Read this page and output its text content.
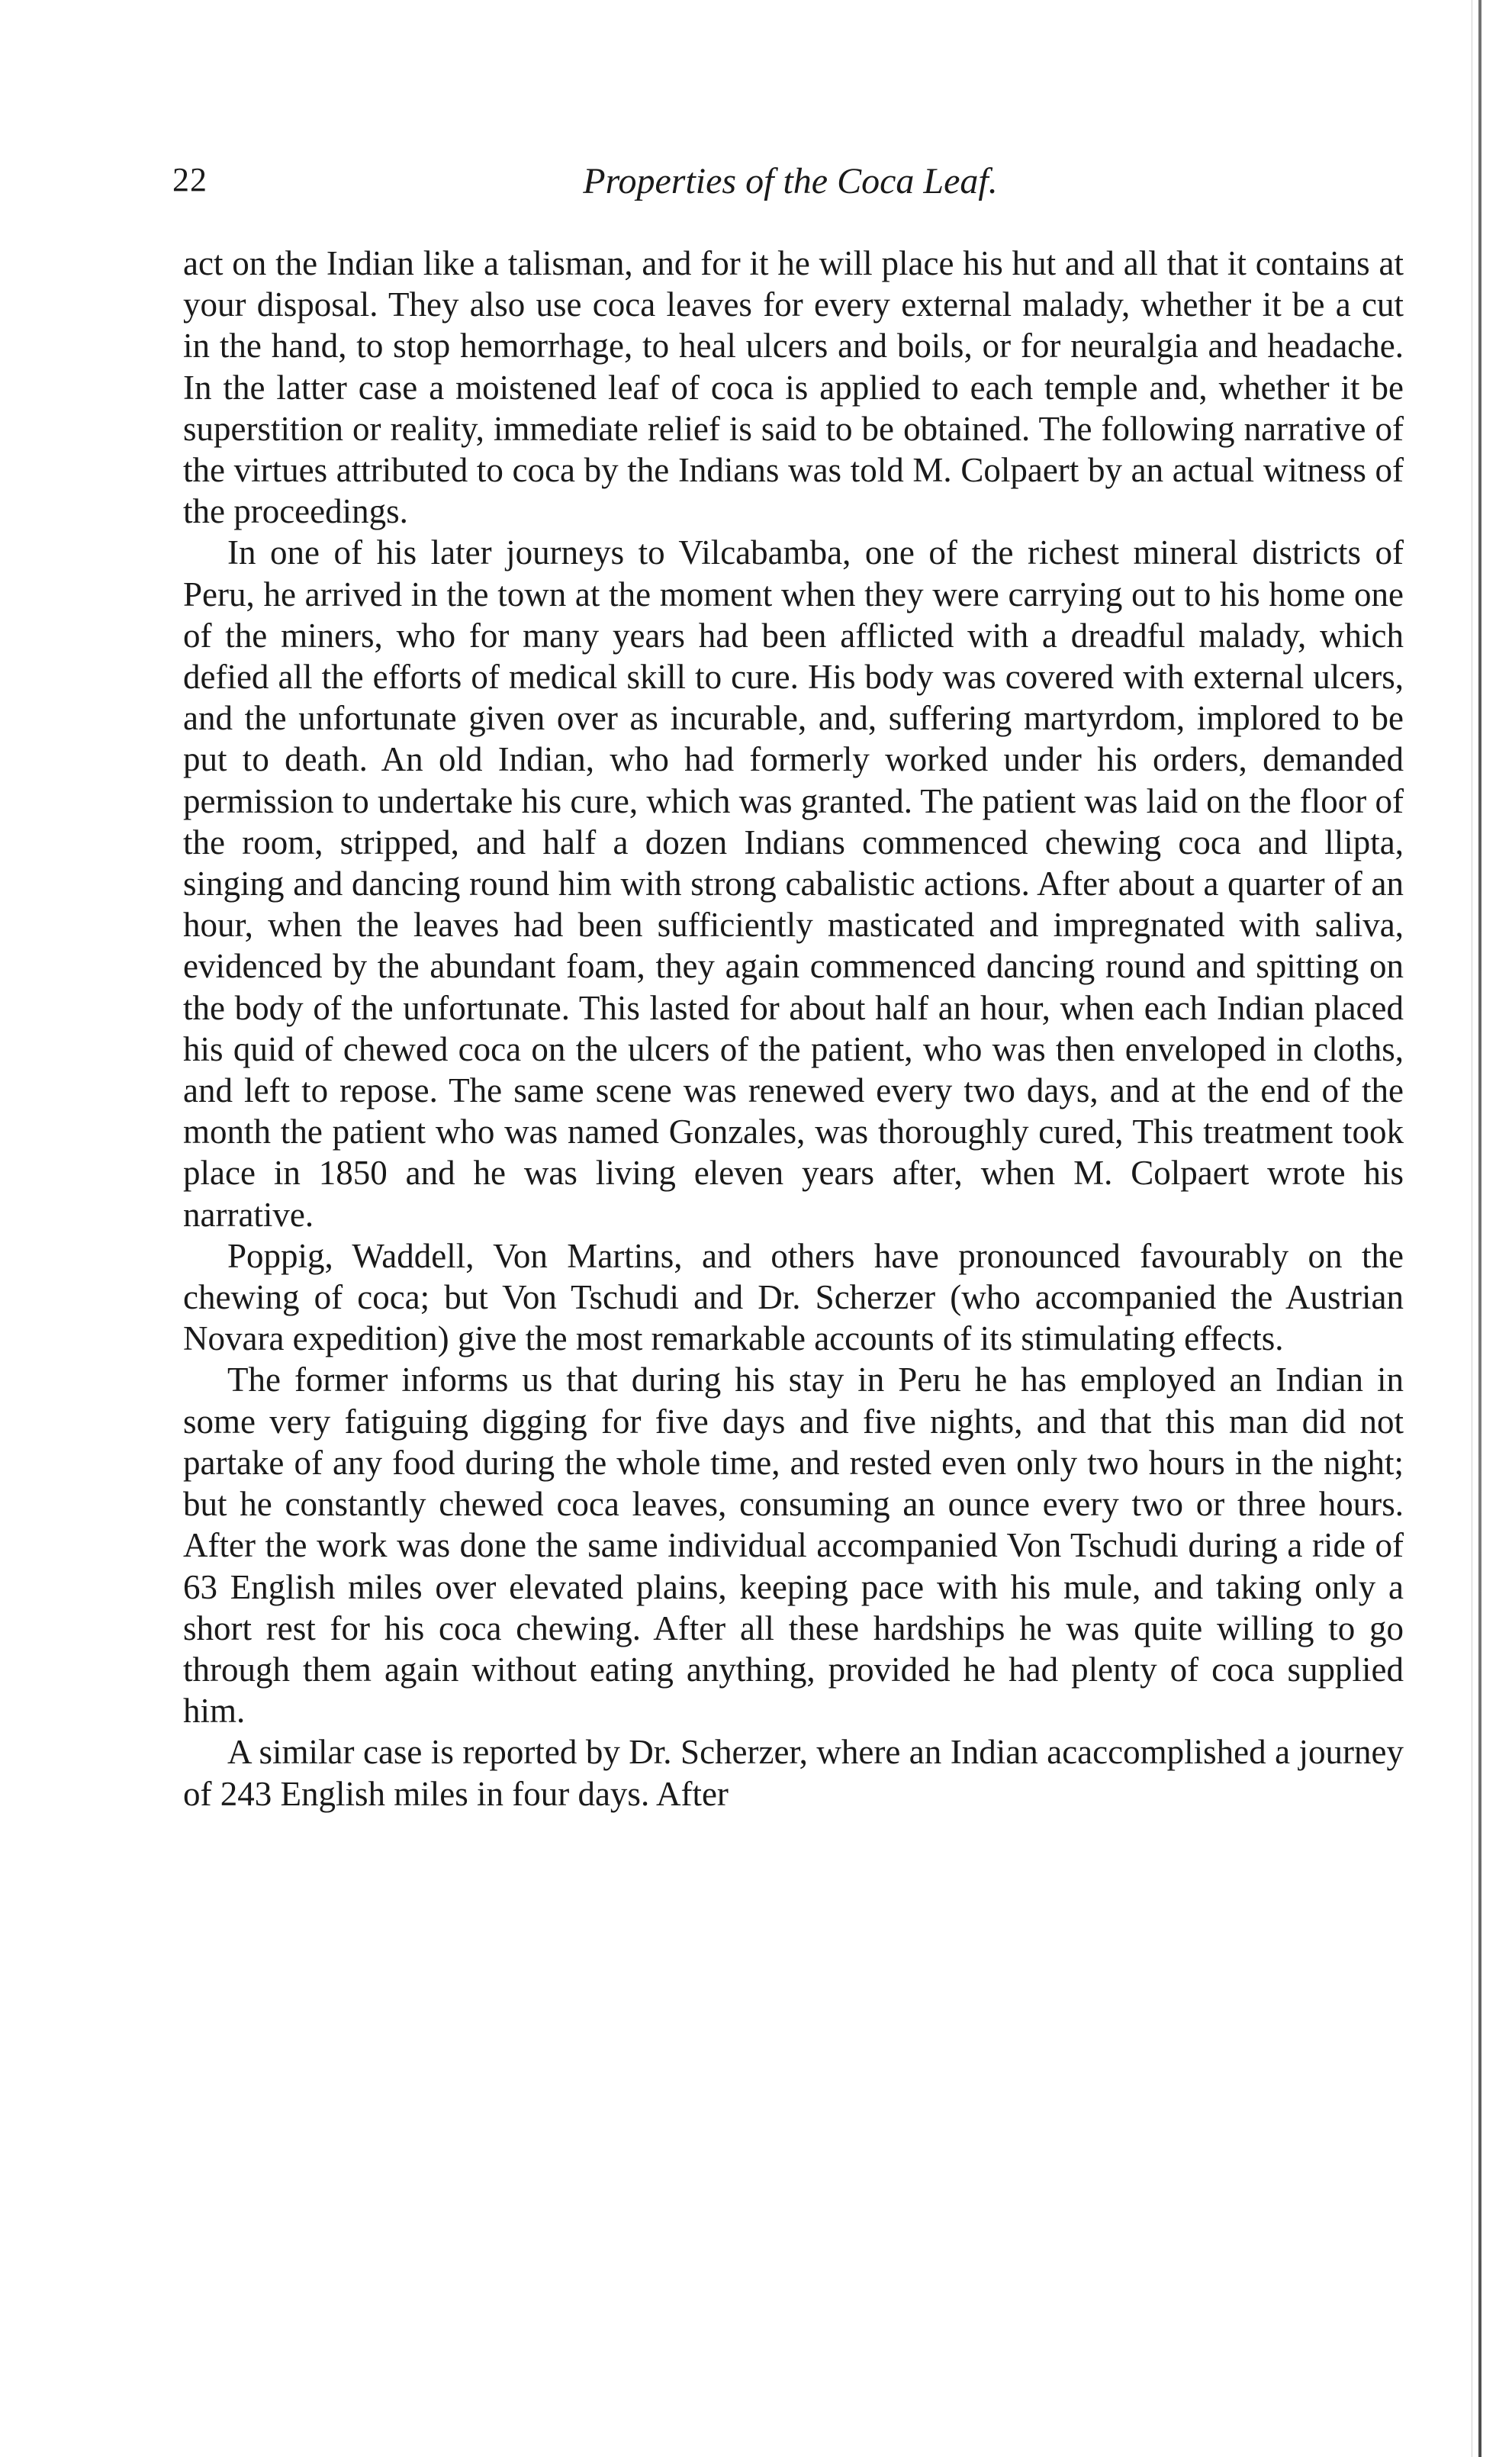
22	Properties of the Coca Leaf.

act on the Indian like a talisman, and for it he will place his hut and all that it contains at your disposal. They also use coca leaves for every external malady, whether it be a cut in the hand, to stop hemorrhage, to heal ulcers and boils, or for neuralgia and headache. In the latter case a moistened leaf of coca is applied to each temple and, whether it be superstition or reality, immediate relief is said to be obtained. The following narrative of the virtues attributed to coca by the Indians was told M. Colpaert by an actual witness of the proceedings.

In one of his later journeys to Vilcabamba, one of the richest mineral districts of Peru, he arrived in the town at the moment when they were carrying out to his home one of the miners, who for many years had been afflicted with a dreadful malady, which defied all the efforts of medical skill to cure. His body was covered with external ulcers, and the unfortunate given over as incurable, and, suffering martyrdom, implored to be put to death. An old Indian, who had formerly worked under his orders, demanded permission to undertake his cure, which was granted. The patient was laid on the floor of the room, stripped, and half a dozen Indians commenced chewing coca and llipta, singing and dancing round him with strong cabalistic actions. After about a quarter of an hour, when the leaves had been sufficiently masticated and impregnated with saliva, evidenced by the abundant foam, they again commenced dancing round and spitting on the body of the unfortunate. This lasted for about half an hour, when each Indian placed his quid of chewed coca on the ulcers of the patient, who was then enveloped in cloths, and left to repose. The same scene was renewed every two days, and at the end of the month the patient who was named Gonzales, was thoroughly cured, This treatment took place in 1850 and he was living eleven years after, when M. Colpaert wrote his narrative.

Poppig, Waddell, Von Martins, and others have pronounced favourably on the chewing of coca; but Von Tschudi and Dr. Scherzer (who accompanied the Austrian Novara expedition) give the most remarkable accounts of its stimulating effects.

The former informs us that during his stay in Peru he has employed an Indian in some very fatiguing digging for five days and five nights, and that this man did not partake of any food during the whole time, and rested even only two hours in the night; but he constantly chewed coca leaves, consuming an ounce every two or three hours. After the work was done the same individual accompanied Von Tschudi during a ride of 63 English miles over elevated plains, keeping pace with his mule, and taking only a short rest for his coca chewing. After all these hardships he was quite willing to go through them again without eating anything, provided he had plenty of coca supplied him.

A similar case is reported by Dr. Scherzer, where an Indian acaccomplished a journey of 243 English miles in four days. After
